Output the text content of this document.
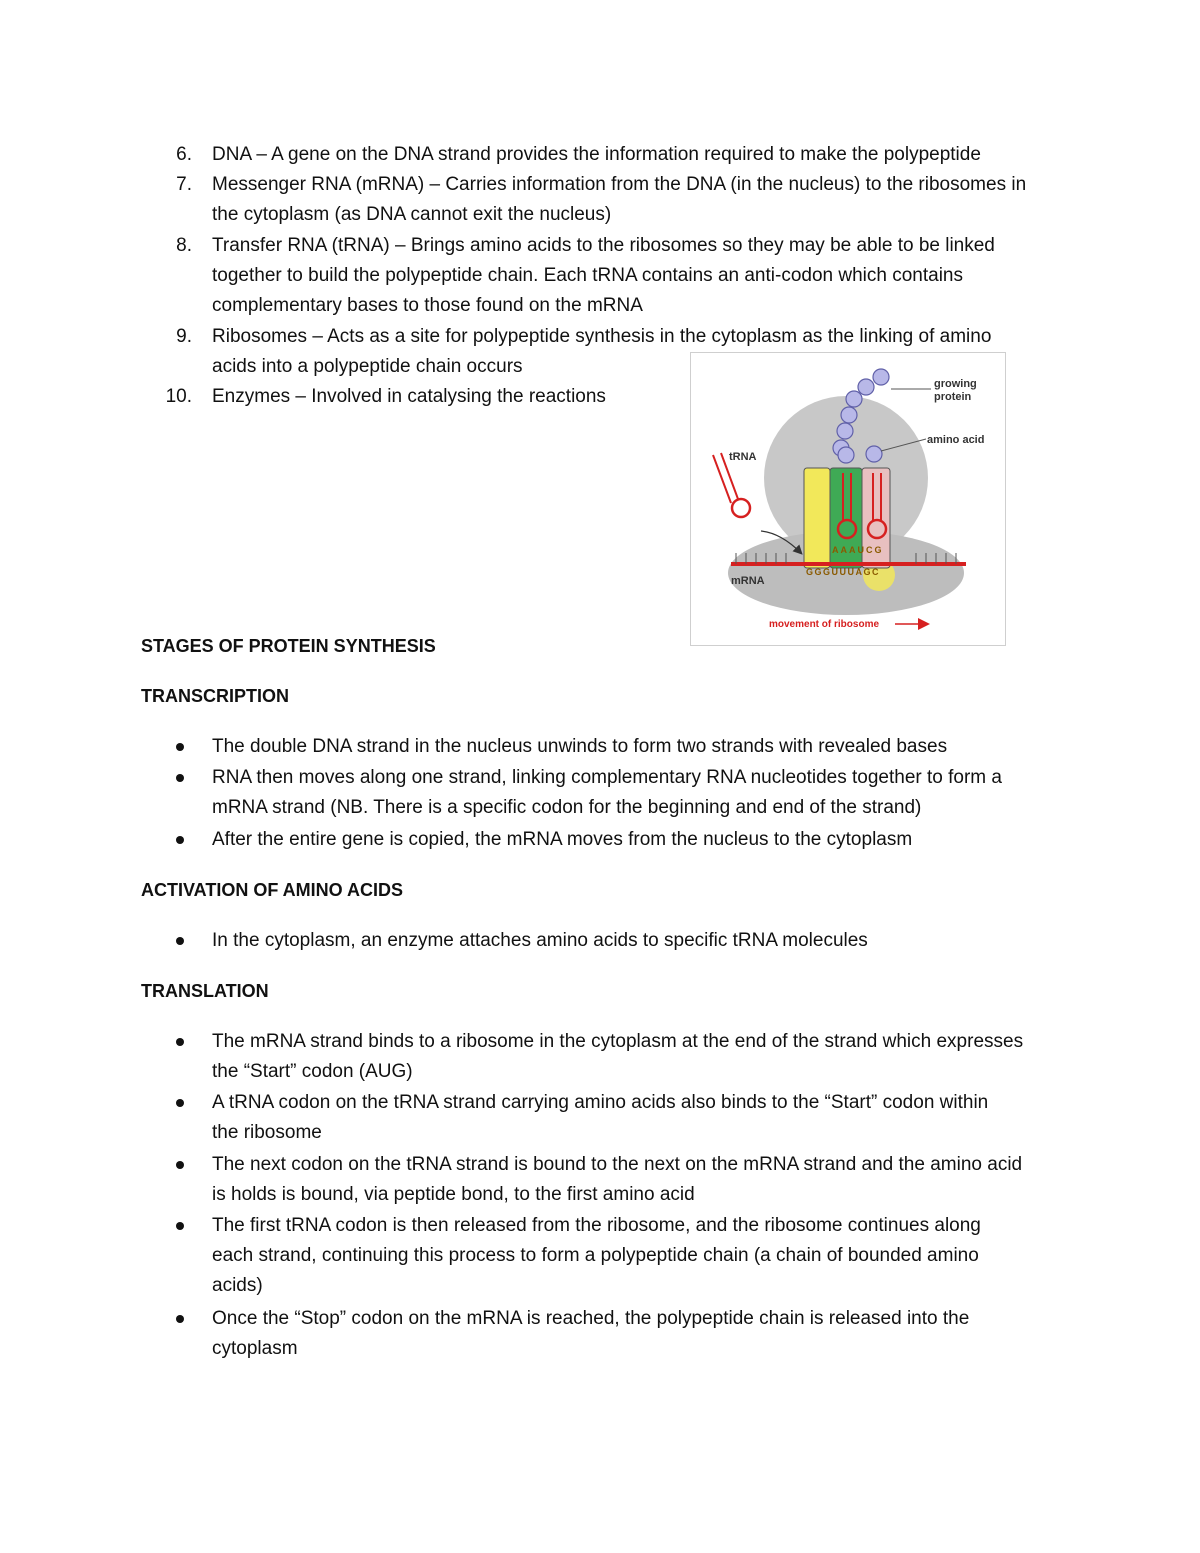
6. DNA – A gene on the DNA strand provides the information required to make the polypeptide
7. Messenger RNA (mRNA) – Carries information from the DNA (in the nucleus) to the ribosomes in
the cytoplasm (as DNA cannot exit the nucleus)
8. Transfer RNA (tRNA) – Brings amino acids to the ribosomes so they may be able to be linked
together to build the polypeptide chain. Each tRNA contains an anti-codon which contains
complementary bases to those found on the mRNA
9. Ribosomes – Acts as a site for polypeptide synthesis in the cytoplasm as the linking of amino
acids into a polypeptide chain occurs
10. Enzymes – Involved in catalysing the reactions
AAAUCG
GGGUUUAGC
growing
protein
amino acid
tRNA
mRNA
movement of ribosome
STAGES OF PROTEIN SYNTHESIS
TRANSCRIPTION
The double DNA strand in the nucleus unwinds to form two strands with revealed bases
RNA then moves along one strand, linking complementary RNA nucleotides together to form a
mRNA strand (NB. There is a specific codon for the beginning and end of the strand)
After the entire gene is copied, the mRNA moves from the nucleus to the cytoplasm
ACTIVATION OF AMINO ACIDS
In the cytoplasm, an enzyme attaches amino acids to specific tRNA molecules
TRANSLATION
The mRNA strand binds to a ribosome in the cytoplasm at the end of the strand which expresses
the “Start” codon (AUG)
A tRNA codon on the tRNA strand carrying amino acids also binds to the “Start” codon within
the ribosome
The next codon on the tRNA strand is bound to the next on the mRNA strand and the amino acid
is holds is bound, via peptide bond, to the first amino acid
The first tRNA codon is then released from the ribosome, and the ribosome continues along
each strand, continuing this process to form a polypeptide chain (a chain of bounded amino
acids)
Once the “Stop” codon on the mRNA is reached, the polypeptide chain is released into the
cytoplasm
